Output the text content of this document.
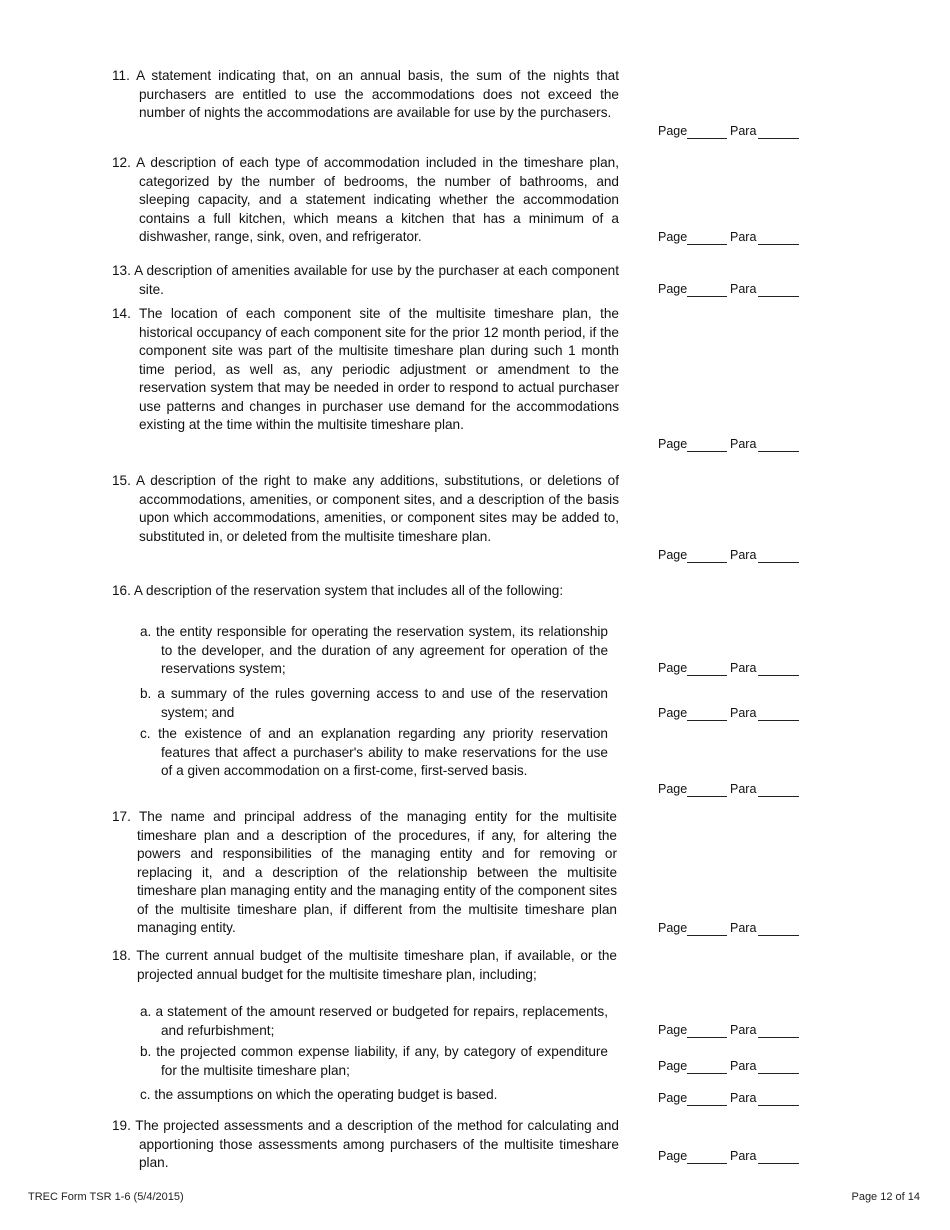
11. A statement indicating that, on an annual basis, the sum of the nights that purchasers are entitled to use the accommodations does not exceed the number of nights the accommodations are available for use by the purchasers.
Page	Para
12. A description of each type of accommodation included in the timeshare plan, categorized by the number of bedrooms, the number of bathrooms, and sleeping capacity, and a statement indicating whether the accommodation contains a full kitchen, which means a kitchen that has a minimum of a dishwasher, range, sink, oven, and refrigerator.	Page	Para
13. A description of amenities available for use by the purchaser at each component site.	Page	Para
14. The location of each component site of the multisite timeshare plan, the historical occupancy of each component site for the prior 12 month period, if the component site was part of the multisite timeshare plan during such 1 month time period, as well as, any periodic adjustment or amendment to the reservation system that may be needed in order to respond to actual purchaser use patterns and changes in purchaser use demand for the accommodations existing at the time within the multisite timeshare plan.
Page	Para
15. A description of the right to make any additions, substitutions, or deletions of accommodations, amenities, or component sites, and a description of the basis upon which accommodations, amenities, or component sites may be added to, substituted in, or deleted from the multisite timeshare plan.
Page	Para
16. A description of the reservation system that includes all of the following:
a. the entity responsible for operating the reservation system, its relationship to the developer, and the duration of any agreement for operation of the reservations system;	Page	Para
b. a summary of the rules governing access to and use of the reservation system; and	Page	Para
c. the existence of and an explanation regarding any priority reservation features that affect a purchaser's ability to make reservations for the use of a given accommodation on a first-come, first-served basis.
Page	Para
17. The name and principal address of the managing entity for the multisite timeshare plan and a description of the procedures, if any, for altering the powers and responsibilities of the managing entity and for removing or replacing it, and a description of the relationship between the multisite timeshare plan managing entity and the managing entity of the component sites of the multisite timeshare plan, if different from the multisite timeshare plan managing entity.	Page	Para
18. The current annual budget of the multisite timeshare plan, if available, or the projected annual budget for the multisite timeshare plan, including;
a. a statement of the amount reserved or budgeted for repairs, replacements, and refurbishment;	Page	Para
b. the projected common expense liability, if any, by category of expenditure for the multisite timeshare plan;	Page	Para
c. the assumptions on which the operating budget is based.	Page	Para
19. The projected assessments and a description of the method for calculating and apportioning those assessments among purchasers of the multisite timeshare plan.	Page	Para
TREC Form TSR 1-6 (5/4/2015)	Page 12 of 14
